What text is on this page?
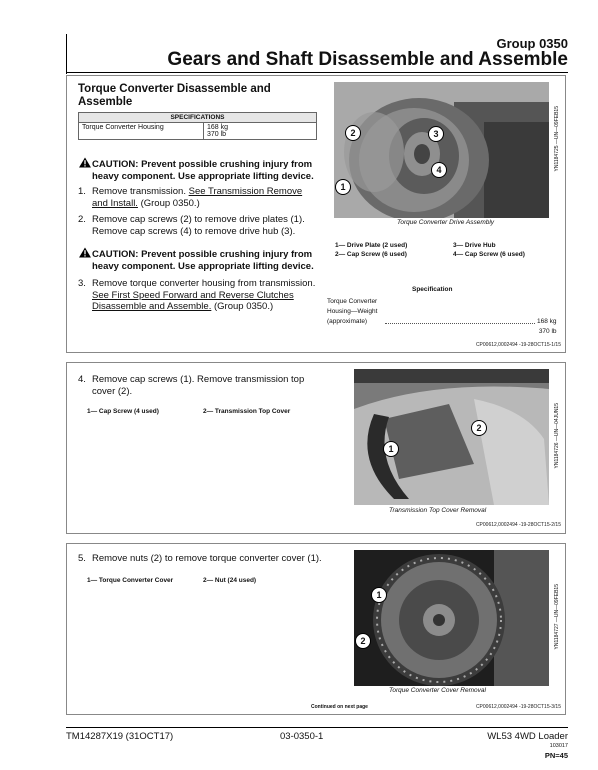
Group 0350
Gears and Shaft Disassemble and Assemble
Torque Converter Disassemble and
Assemble
SPECIFICATIONS
Torque Converter Housing	168 kg
370 lb
CAUTION: Prevent possible crushing injury from
heavy component. Use appropriate lifting device.
1. Remove transmission. See Transmission Remove
and Install. (Group 0350.)
2. Remove cap screws (2) to remove drive plates (1).
Remove cap screws (4) to remove drive hub (3).
CAUTION: Prevent possible crushing injury from
heavy component. Use appropriate lifting device.
3. Remove torque converter housing from transmission.
See First Speed Forward and Reverse Clutches
Disassemble and Assemble. (Group 0350.)
2	3
4
1
YN1184725 —UN—09FEB15
Torque Converter Drive Assembly
1— Drive Plate (2 used)
2— Cap Screw (6 used)
3— Drive Hub
4— Cap Screw (6 used)
Specification
Torque Converter
Housing—Weight
(approximate)	168 kg
370 lb
CP00612,0002494 -19-28OCT15-1/15
4. Remove cap screws (1). Remove transmission top
cover (2).
1— Cap Screw (4 used)	2— Transmission Top Cover
2
1	YN1184726 —UN—04JUN15
Transmission Top Cover Removal
CP00612,0002494 -19-28OCT15-2/15
5. Remove nuts (2) to remove torque converter cover (1).
1— Torque Converter Cover	2— Nut (24 used)
1
2	YN1184727 —UN—09FEB15
Torque Converter Cover Removal
Continued on next page	CP00612,0002494 -19-28OCT15-3/15
TM14287X19 (31OCT17)	03-0350-1	WL53 4WD Loader
103017
PN=45
